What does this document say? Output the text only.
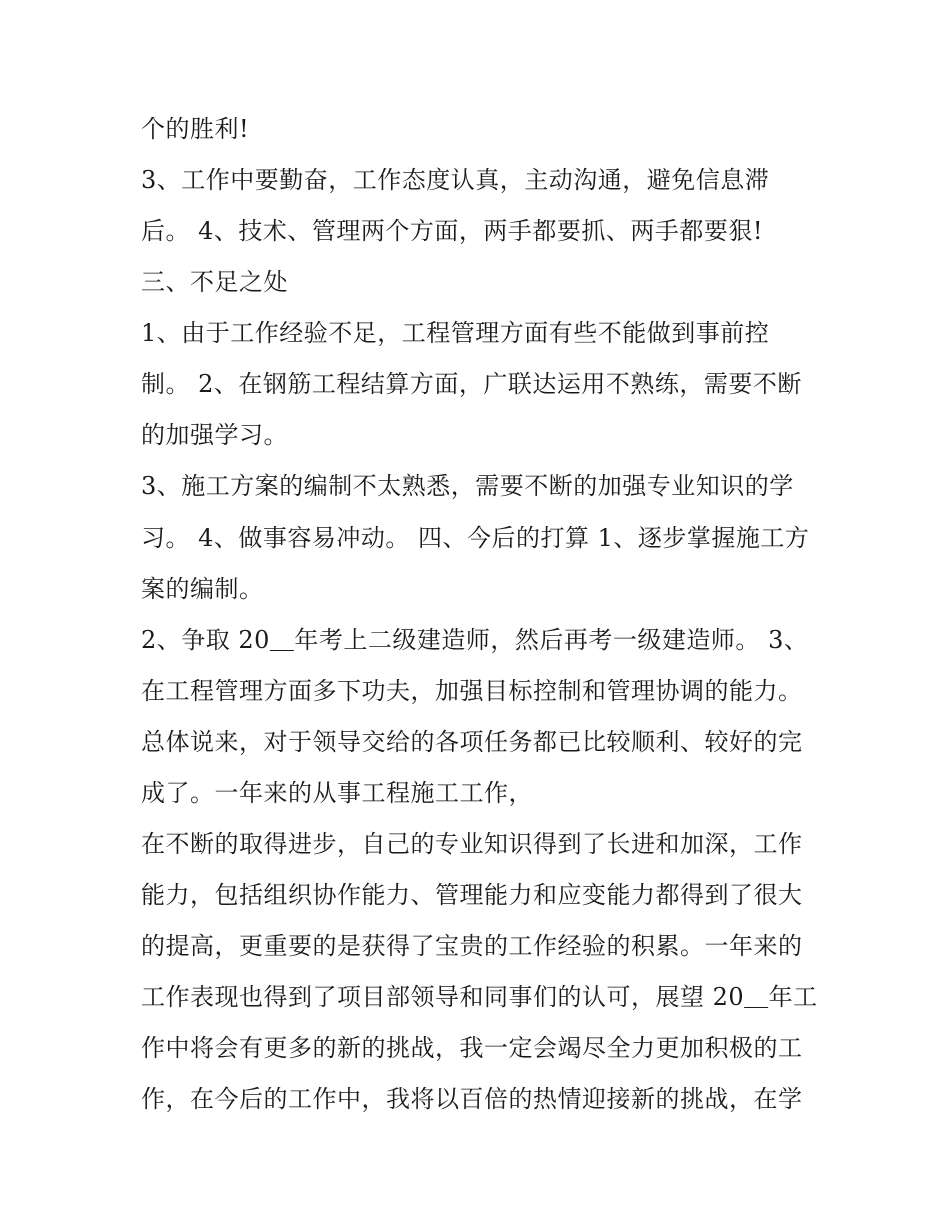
个的胜利!
3、工作中要勤奋，工作态度认真，主动沟通，避免信息滞
后。 4、技术、管理两个方面，两手都要抓、两手都要狠!
三、不足之处
1、由于工作经验不足，工程管理方面有些不能做到事前控
制。 2、在钢筋工程结算方面，广联达运用不熟练，需要不断
的加强学习。
3、施工方案的编制不太熟悉，需要不断的加强专业知识的学
习。 4、做事容易冲动。 四、今后的打算 1、逐步掌握施工方
案的编制。
2、争取 20＿年考上二级建造师，然后再考一级建造师。 3、
在工程管理方面多下功夫，加强目标控制和管理协调的能力。
总体说来，对于领导交给的各项任务都已比较顺利、较好的完
成了。一年来的从事工程施工工作，
在不断的取得进步，自己的专业知识得到了长进和加深，工作
能力，包括组织协作能力、管理能力和应变能力都得到了很大
的提高，更重要的是获得了宝贵的工作经验的积累。一年来的
工作表现也得到了项目部领导和同事们的认可，展望 20＿年工
作中将会有更多的新的挑战，我一定会竭尽全力更加积极的工
作，在今后的工作中，我将以百倍的热情迎接新的挑战，在学
